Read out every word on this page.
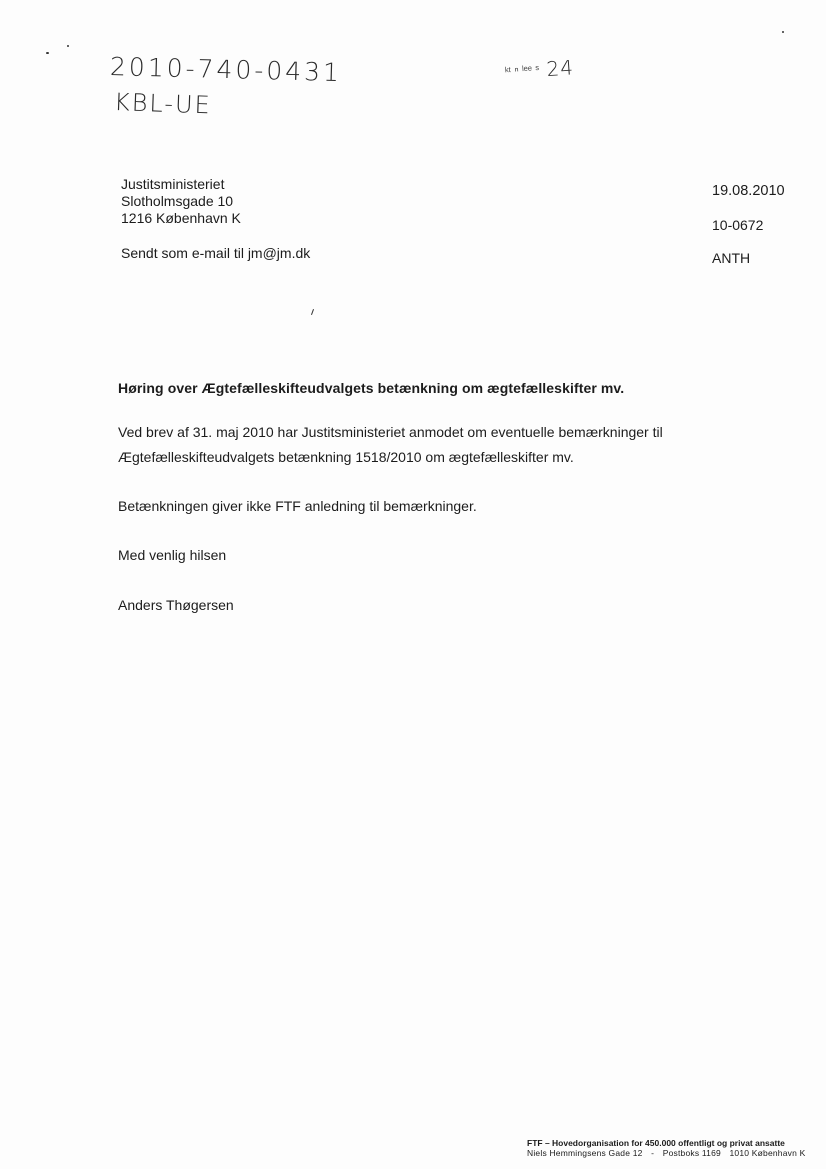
2010-740-0431
KBL-UE
$^{ᵏᵗ ^n ˡᵉᵉ ˢ}$ 24
Justitsministeriet
Slotholmsgade 10
1216 København K
Sendt som e-mail til jm@jm.dk
19.08.2010
10-0672
ANTH
Høring over Ægtefælleskifteudvalgets betænkning om ægtefælleskifter mv.
Ved brev af 31. maj 2010 har Justitsministeriet anmodet om eventuelle bemærkninger til
Ægtefælleskifteudvalgets betænkning 1518/2010 om ægtefælleskifter mv.
Betænkningen giver ikke FTF anledning til bemærkninger.
Med venlig hilsen
Anders Thøgersen
FTF – Hovedorganisation for 450.000 offentligt og privat ansatte
Niels Hemmingsens Gade 12 - Postboks 1169 1010 København K
